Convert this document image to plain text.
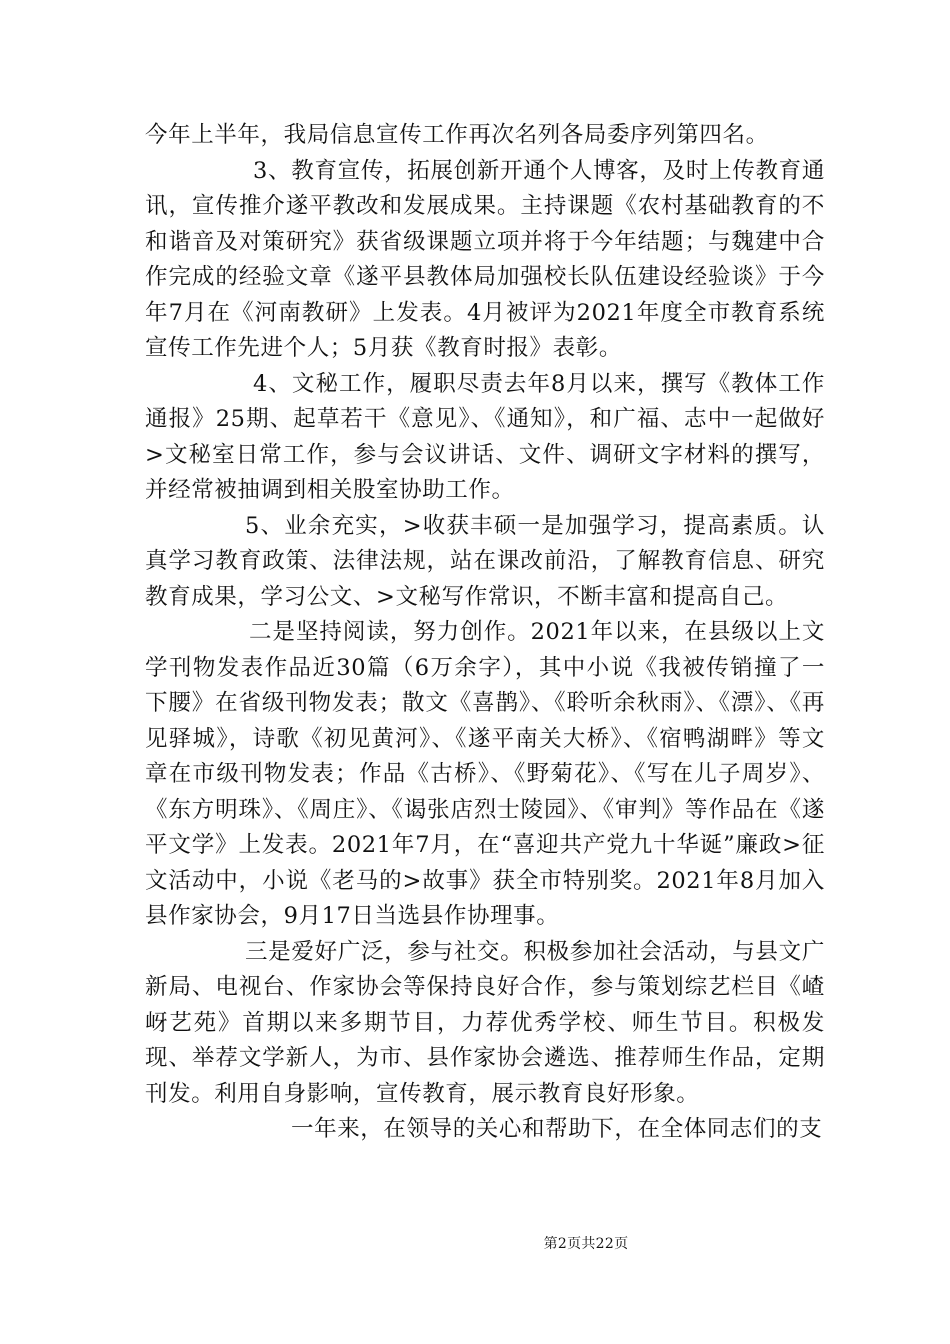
今年上半年，我局信息宣传工作再次名列各局委序列第四名。

3、教育宣传，拓展创新开通个人博客，及时上传教育通讯，宣传推介遂平教改和发展成果。主持课题《农村基础教育的不和谐音及对策研究》获省级课题立项并将于今年结题；与魏建中合作完成的经验文章《遂平县教体局加强校长队伍建设经验谈》于今年7月在《河南教研》上发表。4月被评为2021年度全市教育系统宣传工作先进个人；5月获《教育时报》表彰。

4、文秘工作，履职尽责去年8月以来，撰写《教体工作通报》25期、起草若干《意见》、《通知》，和广福、志中一起做好>文秘室日常工作，参与会议讲话、文件、调研文字材料的撰写，并经常被抽调到相关股室协助工作。

5、业余充实，>收获丰硕一是加强学习，提高素质。认真学习教育政策、法律法规，站在课改前沿，了解教育信息、研究教育成果，学习公文、>文秘写作常识，不断丰富和提高自己。

二是坚持阅读，努力创作。2021年以来，在县级以上文学刊物发表作品近30篇（6万余字），其中小说《我被传销撞了一下腰》在省级刊物发表；散文《喜鹊》、《聆听余秋雨》、《漂》、《再见驿城》，诗歌《初见黄河》、《遂平南关大桥》、《宿鸭湖畔》等文章在市级刊物发表；作品《古桥》、《野菊花》、《写在儿子周岁》、《东方明珠》、《周庄》、《谒张店烈士陵园》、《审判》等作品在《遂平文学》上发表。2021年7月，在“喜迎共产党九十华诞”廉政>征文活动中，小说《老马的>故事》获全市特别奖。2021年8月加入县作家协会，9月17日当选县作协理事。

三是爱好广泛，参与社交。积极参加社会活动，与县文广新局、电视台、作家协会等保持良好合作，参与策划综艺栏目《嵖岈艺苑》首期以来多期节目，力荐优秀学校、师生节目。积极发现、举荐文学新人，为市、县作家协会遴选、推荐师生作品，定期刊发。利用自身影响，宣传教育，展示教育良好形象。

一年来，在领导的关心和帮助下，在全体同志们的支

第2页共22页
